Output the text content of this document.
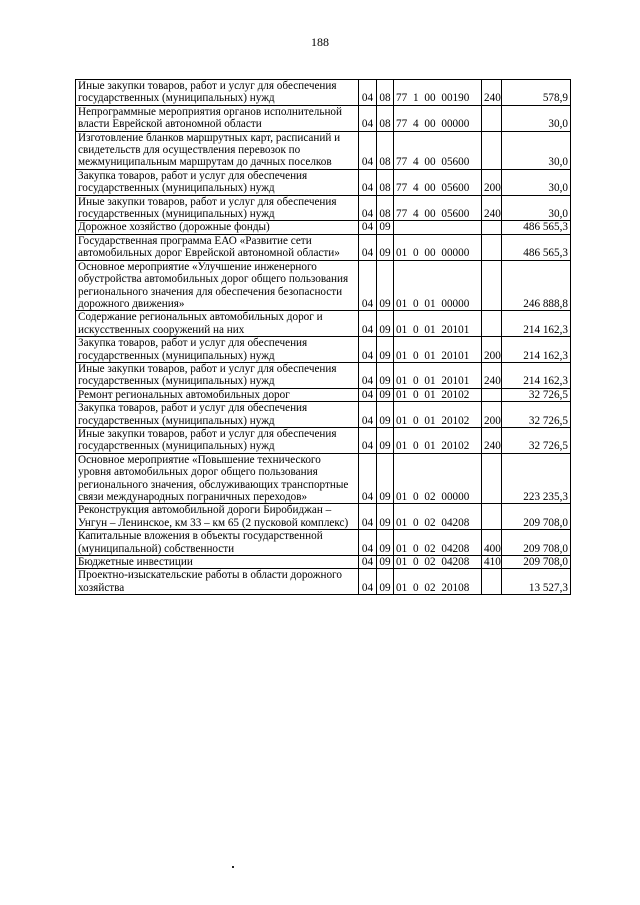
188
Иные закупки товаров, работ и услуг для обеспечения государственных (муниципальных) нужд	04	08	77 1 00 00190	240	578,9
Непрограммные мероприятия органов исполнительной власти Еврейской автономной области	04	08	77 4 00 00000		30,0
Изготовление бланков маршрутных карт, расписаний и свидетельств для осуществления перевозок по межмуниципальным маршрутам до дачных поселков	04	08	77 4 00 05600		30,0
Закупка товаров, работ и услуг для обеспечения государственных (муниципальных) нужд	04	08	77 4 00 05600	200	30,0
Иные закупки товаров, работ и услуг для обеспечения государственных (муниципальных) нужд	04	08	77 4 00 05600	240	30,0
Дорожное хозяйство (дорожные фонды)	04	09			486 565,3
Государственная программа ЕАО «Развитие сети автомобильных дорог Еврейской автономной области»	04	09	01 0 00 00000		486 565,3
Основное мероприятие «Улучшение инженерного обустройства автомобильных дорог общего пользования регионального значения для обеспечения безопасности дорожного движения»	04	09	01 0 01 00000		246 888,8
Содержание региональных автомобильных дорог и искусственных сооружений на них	04	09	01 0 01 20101		214 162,3
Закупка товаров, работ и услуг для обеспечения государственных (муниципальных) нужд	04	09	01 0 01 20101	200	214 162,3
Иные закупки товаров, работ и услуг для обеспечения государственных (муниципальных) нужд	04	09	01 0 01 20101	240	214 162,3
Ремонт региональных автомобильных дорог	04	09	01 0 01 20102		32 726,5
Закупка товаров, работ и услуг для обеспечения государственных (муниципальных) нужд	04	09	01 0 01 20102	200	32 726,5
Иные закупки товаров, работ и услуг для обеспечения государственных (муниципальных) нужд	04	09	01 0 01 20102	240	32 726,5
Основное мероприятие «Повышение технического уровня автомобильных дорог общего пользования регионального значения, обслуживающих транспортные связи международных пограничных переходов»	04	09	01 0 02 00000		223 235,3
Реконструкция автомобильной дороги Биробиджан – Унгун – Ленинское, км 33 – км 65 (2 пусковой комплекс)	04	09	01 0 02 04208		209 708,0
Капитальные вложения в объекты государственной (муниципальной) собственности	04	09	01 0 02 04208	400	209 708,0
Бюджетные инвестиции	04	09	01 0 02 04208	410	209 708,0
Проектно-изыскательские работы в области дорожного хозяйства	04	09	01 0 02 20108		13 527,3
